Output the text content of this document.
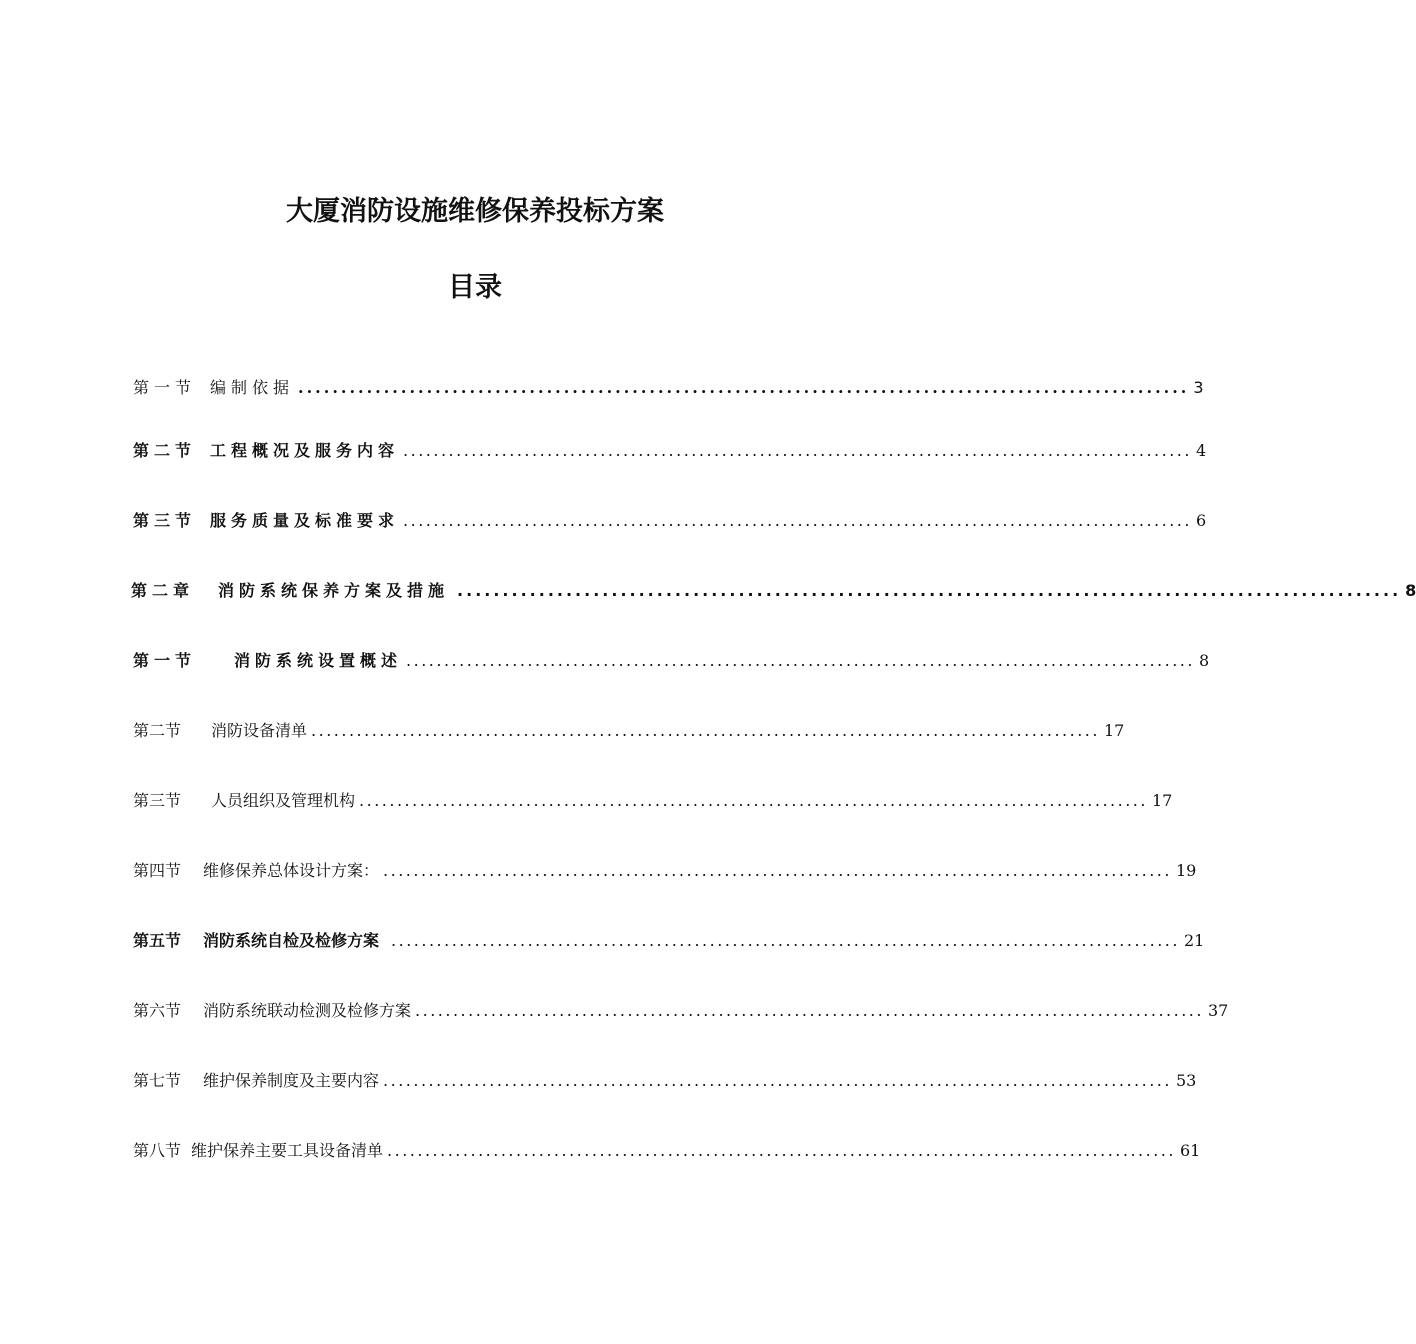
大厦消防设施维修保养投标方案
目录
第一节 编制依据 ........................................................................................................ 3
第二节 工程概况及服务内容 ........................................................................................................ 4
第三节 服务质量及标准要求 ........................................................................................................ 6
第二章 消防系统保养方案及措施 ........................................................................................................ 8
第一节 消防系统设置概述 ........................................................................................................ 8
第二节 消防设备清单 ........................................................................................................ 17
第三节 人员组织及管理机构 ........................................................................................................ 17
第四节 维修保养总体设计方案： ........................................................................................................ 19
第五节 消防系统自检及检修方案 ........................................................................................................ 21
第六节 消防系统联动检测及检修方案 ........................................................................................................ 37
第七节 维护保养制度及主要内容 ........................................................................................................ 53
第八节 维护保养主要工具设备清单 ........................................................................................................ 61
